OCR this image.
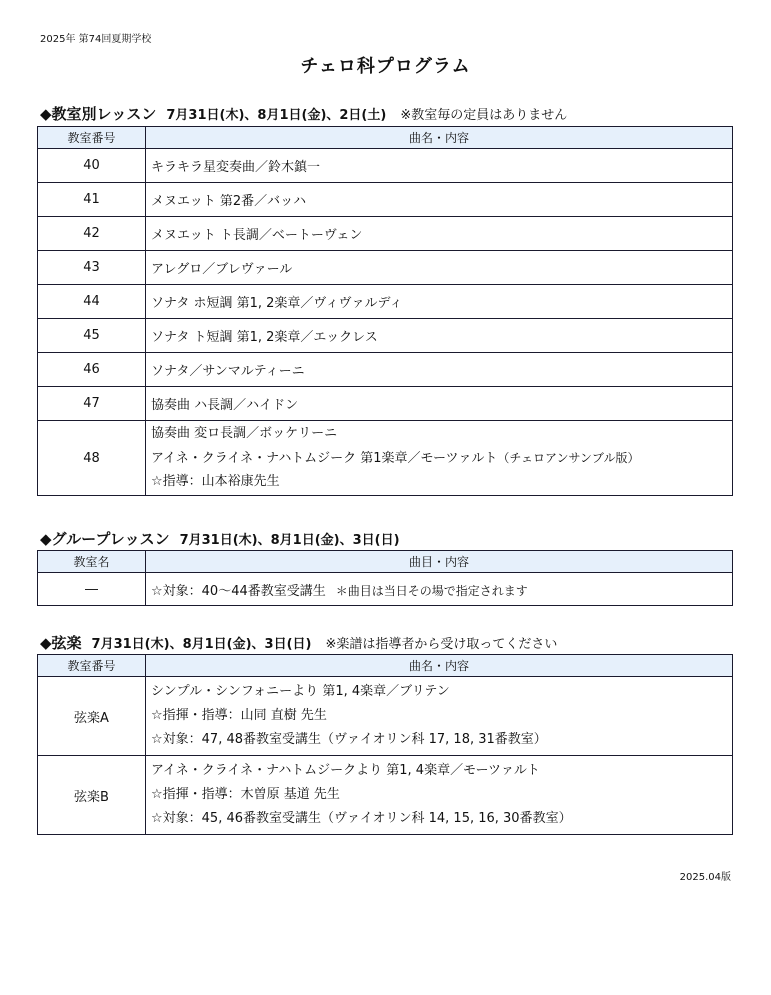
2025年 第74回夏期学校
チェロ科プログラム
◆教室別レッスン 7月31日(木)、8月1日(金)、2日(土) ※教室毎の定員はありません
教室番号	曲名・内容
40	キラキラ星変奏曲／鈴木鎮一
41	メヌエット 第2番／バッハ
42	メヌエット ト長調／ベートーヴェン
43	アレグロ／ブレヴァール
44	ソナタ ホ短調 第1, 2楽章／ヴィヴァルディ
45	ソナタ ト短調 第1, 2楽章／エックレス
46	ソナタ／サンマルティーニ
47	協奏曲 ハ長調／ハイドン
48	協奏曲 変ロ長調／ボッケリーニ
アイネ・クライネ・ナハトムジーク 第1楽章／モーツァルト（チェロアンサンブル版）
☆指導：山本裕康先生
◆グループレッスン 7月31日(木)、8月1日(金)、3日(日)
教室名	曲目・内容
―	☆対象：40～44番教室受講生 ＊曲目は当日その場で指定されます
◆弦楽 7月31日(木)、8月1日(金)、3日(日) ※楽譜は指導者から受け取ってください
教室番号	曲名・内容
弦楽A	シンプル・シンフォニーより 第1, 4楽章／ブリテン
☆指揮・指導：山同 直樹 先生
☆対象：47, 48番教室受講生（ヴァイオリン科 17, 18, 31番教室）

弦楽B	アイネ・クライネ・ナハトムジークより 第1, 4楽章／モーツァルト
☆指揮・指導：木曽原 基道 先生
☆対象：45, 46番教室受講生（ヴァイオリン科 14, 15, 16, 30番教室）
2025.04版
